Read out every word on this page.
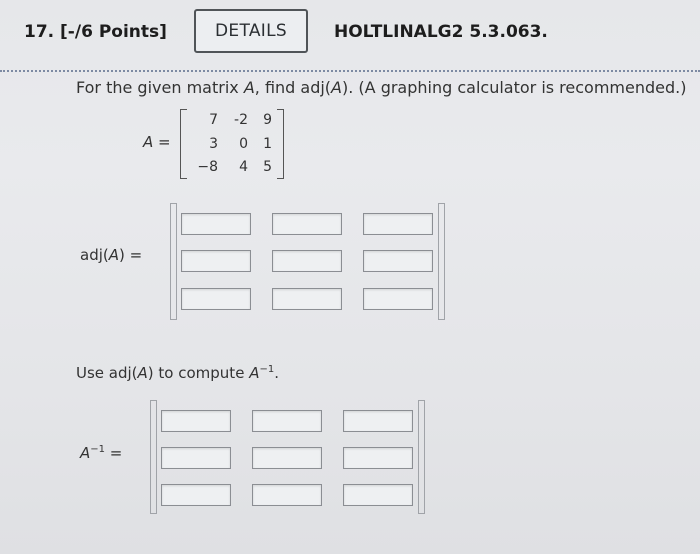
17. [-/6 Points]	DETAILS	HOLTLINALG2 5.3.063.
For the given matrix A, find adj(A). (A graphing calculator is recommended.)
A =
7	-2	9
3	0	1
−8	4	5
adj(A) =
Use adj(A) to compute $A^{-1}$.
$A^{-1}$ =
